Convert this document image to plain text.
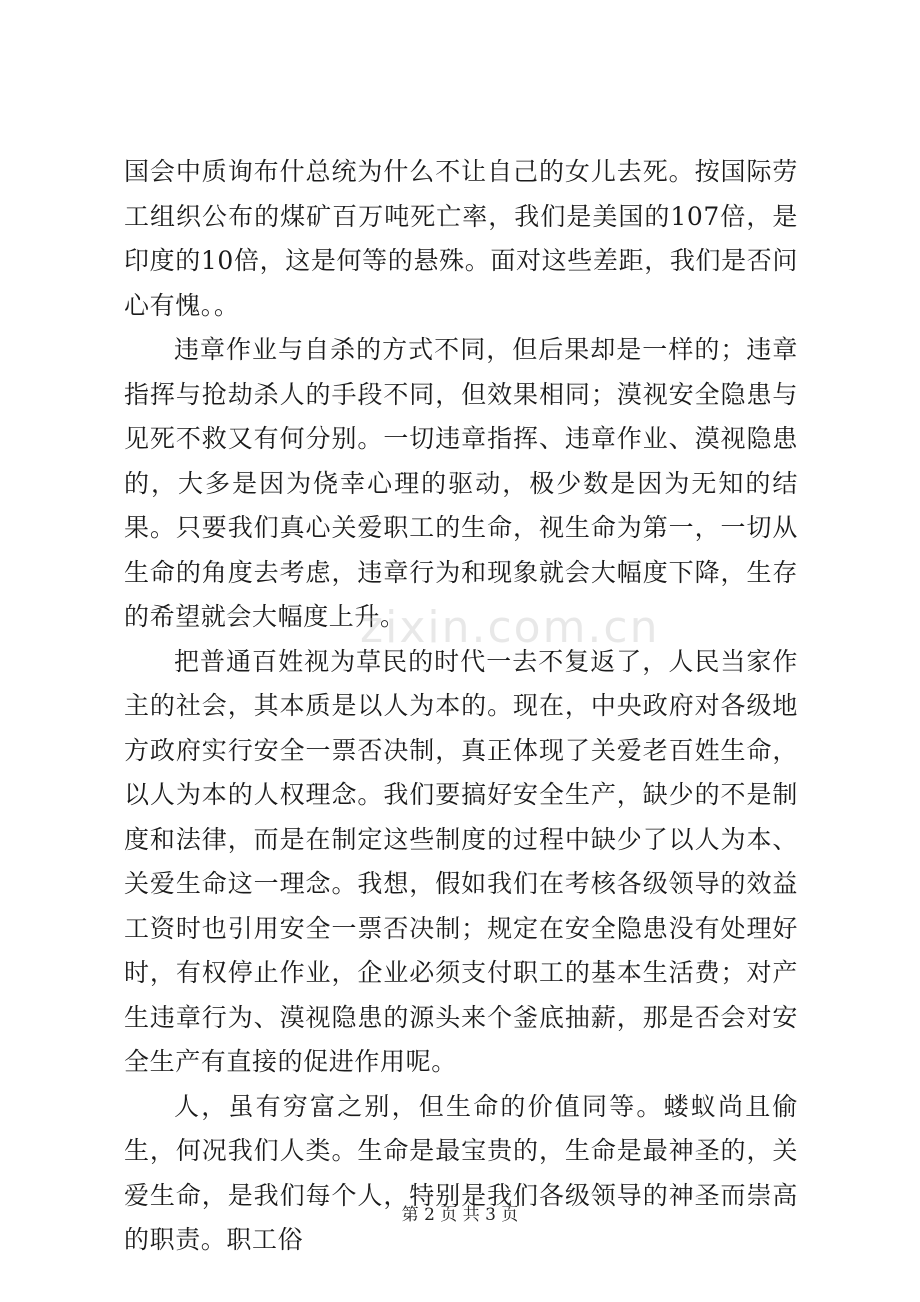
国会中质询布什总统为什么不让自己的女儿去死。按国际劳工组织公布的煤矿百万吨死亡率，我们是美国的107倍，是印度的10倍，这是何等的悬殊。面对这些差距，我们是否问心有愧。。

违章作业与自杀的方式不同，但后果却是一样的；违章指挥与抢劫杀人的手段不同，但效果相同；漠视安全隐患与见死不救又有何分别。一切违章指挥、违章作业、漠视隐患的，大多是因为侥幸心理的驱动，极少数是因为无知的结果。只要我们真心关爱职工的生命，视生命为第一，一切从生命的角度去考虑，违章行为和现象就会大幅度下降，生存的希望就会大幅度上升。

把普通百姓视为草民的时代一去不复返了，人民当家作主的社会，其本质是以人为本的。现在，中央政府对各级地方政府实行安全一票否决制，真正体现了关爱老百姓生命，以人为本的人权理念。我们要搞好安全生产，缺少的不是制度和法律，而是在制定这些制度的过程中缺少了以人为本、关爱生命这一理念。我想，假如我们在考核各级领导的效益工资时也引用安全一票否决制；规定在安全隐患没有处理好时，有权停止作业，企业必须支付职工的基本生活费；对产生违章行为、漠视隐患的源头来个釜底抽薪，那是否会对安全生产有直接的促进作用呢。

人，虽有穷富之别，但生命的价值同等。蝼蚁尚且偷生，何况我们人类。生命是最宝贵的，生命是最神圣的，关爱生命，是我们每个人，特别是我们各级领导的神圣而崇高的职责。职工俗

zixin.com.cn
第 2 页 共 3 页
